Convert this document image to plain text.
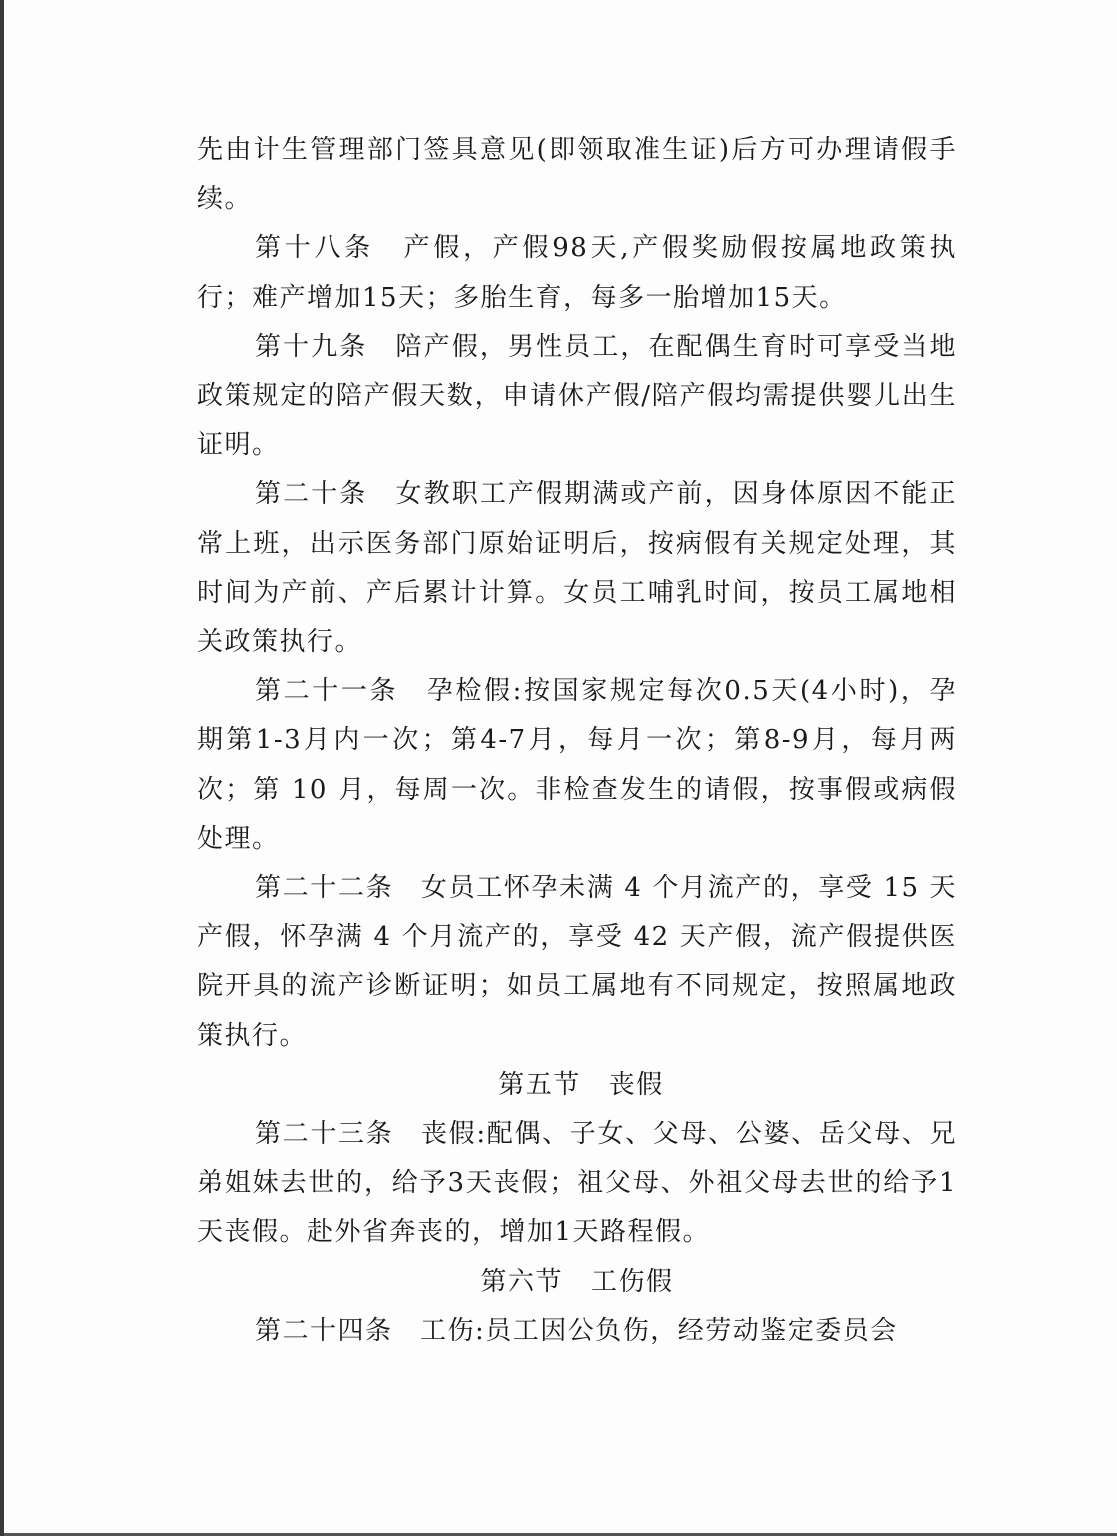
先由计生管理部门签具意见(即领取准生证)后方可办理请假手续。

第十八条　产假，产假98天,产假奖励假按属地政策执行；难产增加15天；多胎生育，每多一胎增加15天。

第十九条　陪产假，男性员工，在配偶生育时可享受当地政策规定的陪产假天数，申请休产假/陪产假均需提供婴儿出生证明。

第二十条　女教职工产假期满或产前，因身体原因不能正常上班，出示医务部门原始证明后，按病假有关规定处理，其时间为产前、产后累计计算。女员工哺乳时间，按员工属地相关政策执行。

第二十一条　孕检假:按国家规定每次0.5天(4小时)，孕期第1-3月内一次；第4-7月，每月一次；第8-9月，每月两次；第 10 月，每周一次。非检查发生的请假，按事假或病假处理。

第二十二条　女员工怀孕未满 4 个月流产的，享受 15 天产假，怀孕满 4 个月流产的，享受 42 天产假，流产假提供医院开具的流产诊断证明；如员工属地有不同规定，按照属地政策执行。

第五节 丧假

第二十三条　丧假:配偶、子女、父母、公婆、岳父母、兄弟姐妹去世的，给予3天丧假；祖父母、外祖父母去世的给予1天丧假。赴外省奔丧的，增加1天路程假。

第六节 工伤假

第二十四条　工伤:员工因公负伤，经劳动鉴定委员会
